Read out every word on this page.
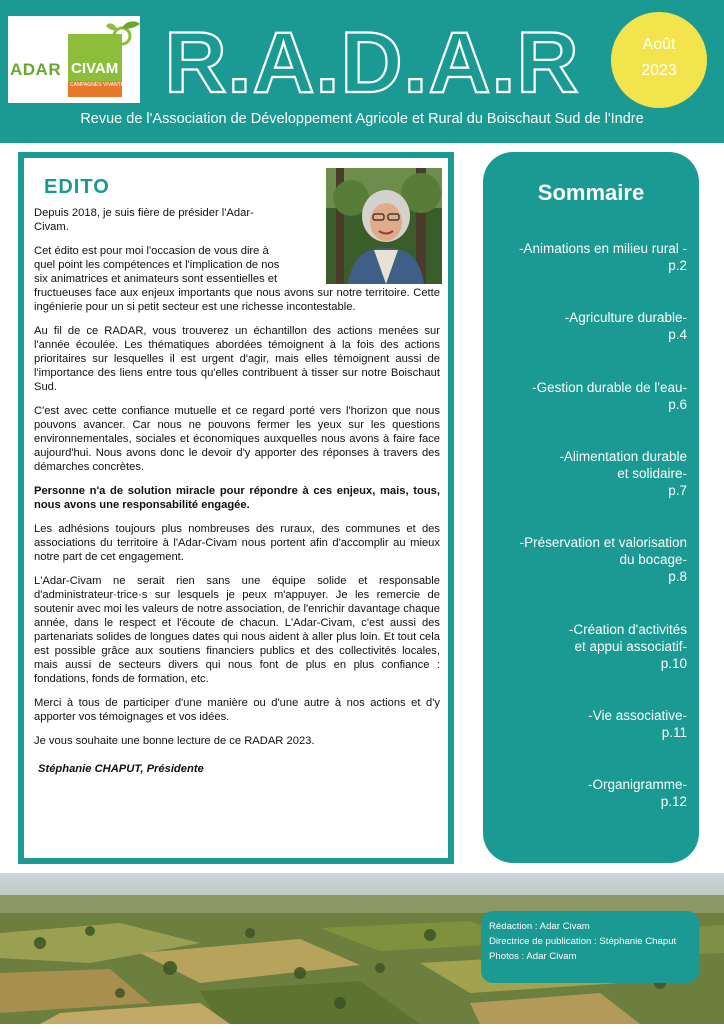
ADAR CIVAM
CAMPAGNES VIVANTES R.A.D.A.R	Août
2023
Revue de l'Association de Développement Agricole et Rural du Boischaut Sud de l'Indre
EDITO

Depuis 2018, je suis fière de présider l'Adar-Civam.

Cet édito est pour moi l'occasion de vous dire à quel point les compétences et l'implication de nos six animatrices et animateurs sont essentielles et

fructueuses face aux enjeux importants que nous avons sur notre territoire. Cette ingénierie pour un si petit secteur est une richesse incontestable.

Au fil de ce RADAR, vous trouverez un échantillon des actions menées sur l'année écoulée. Les thématiques abordées témoignent à la fois des actions prioritaires sur lesquelles il est urgent d'agir, mais elles témoignent aussi de l'importance des liens entre tous qu'elles contribuent à tisser sur notre Boischaut Sud.

C'est avec cette confiance mutuelle et ce regard porté vers l'horizon que nous pouvons avancer. Car nous ne pouvons fermer les yeux sur les questions environnementales, sociales et économiques auxquelles nous avons à faire face aujourd'hui. Nous avons donc le devoir d'y apporter des réponses à travers des démarches concrètes.

Personne n'a de solution miracle pour répondre à ces enjeux, mais, tous, nous avons une responsabilité engagée.

Les adhésions toujours plus nombreuses des ruraux, des communes et des associations du territoire à l'Adar-Civam nous portent afin d'accomplir au mieux notre part de cet engagement.

L'Adar-Civam ne serait rien sans une équipe solide et responsable d'administrateur·trice·s sur lesquels je peux m'appuyer. Je les remercie de soutenir avec moi les valeurs de notre association, de l'enrichir davantage chaque année, dans le respect et l'écoute de chacun. L'Adar-Civam, c'est aussi des partenariats solides de longues dates qui nous aident à aller plus loin. Et tout cela est possible grâce aux soutiens financiers publics et des collectivités locales, mais aussi de secteurs divers qui nous font de plus en plus confiance : fondations, fonds de formation, etc.

Merci à tous de participer d'une manière ou d'une autre à nos actions et d'y apporter vos témoignages et vos idées.

Je vous souhaite une bonne lecture de ce RADAR 2023.

Stéphanie CHAPUT, Présidente

Sommaire
-Animations en milieu rural -
p.2
-Agriculture durable-
p.4
-Gestion durable de l'eau-
p.6
-Alimentation durable
et solidaire-
p.7
-Préservation et valorisation
du bocage-
p.8
-Création d'activités
et appui associatif-
p.10
-Vie associative-
p.11
-Organigramme-
p.12
Rédaction : Adar Civam
Directrice de publication : Stéphanie Chaput
Photos : Adar Civam
